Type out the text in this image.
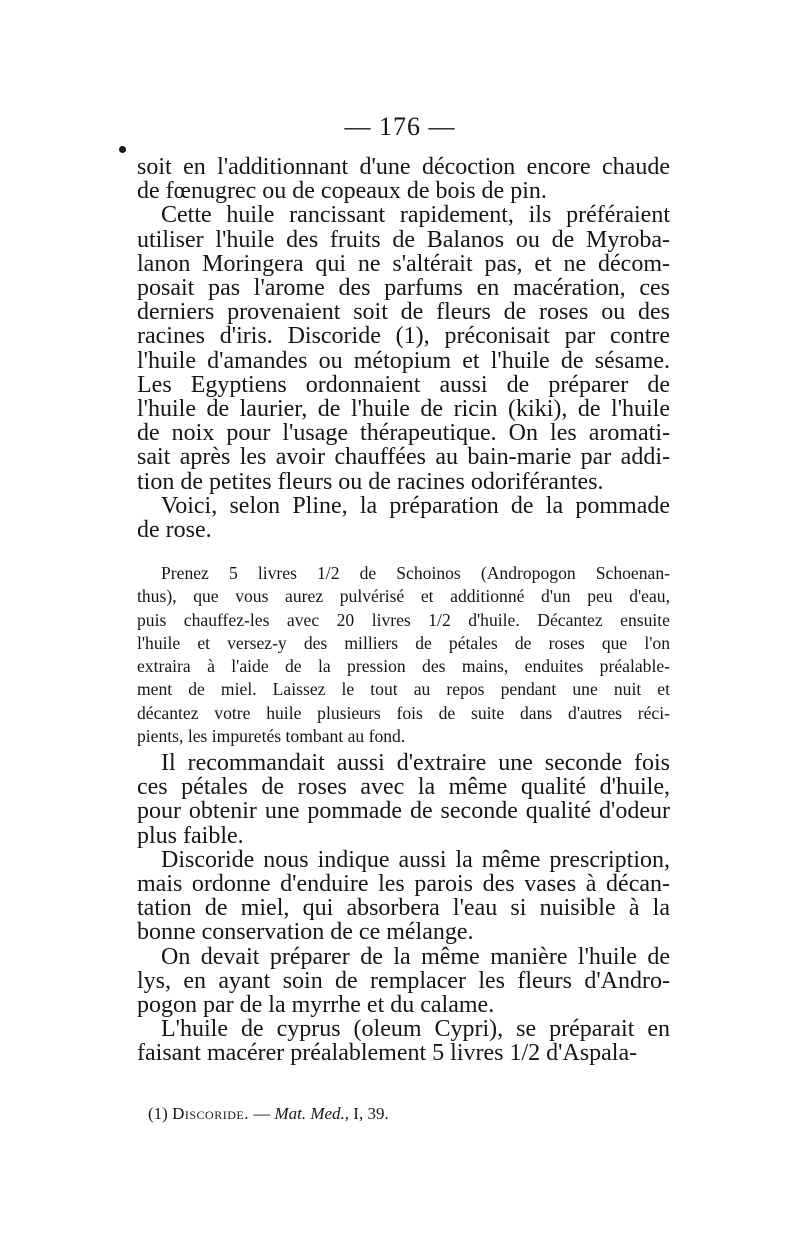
— 176 —

soit en l'additionnant d'une décoction encore chaude

de fœnugrec ou de copeaux de bois de pin.

Cette huile rancissant rapidement, ils préféraient

utiliser l'huile des fruits de Balanos ou de Myroba-

lanon Moringera qui ne s'altérait pas, et ne décom-

posait pas l'arome des parfums en macération, ces

derniers provenaient soit de fleurs de roses ou des

racines d'iris. Discoride (1), préconisait par contre

l'huile d'amandes ou métopium et l'huile de sésame.

Les Egyptiens ordonnaient aussi de préparer de

l'huile de laurier, de l'huile de ricin (kiki), de l'huile

de noix pour l'usage thérapeutique. On les aromati-

sait après les avoir chauffées au bain-marie par addi-

tion de petites fleurs ou de racines odoriférantes.

Voici, selon Pline, la préparation de la pommade

de rose.

Prenez 5 livres 1/2 de Schoinos (Andropogon Schoenan-

thus), que vous aurez pulvérisé et additionné d'un peu d'eau,

puis chauffez-les avec 20 livres 1/2 d'huile. Décantez ensuite

l'huile et versez-y des milliers de pétales de roses que l'on

extraira à l'aide de la pression des mains, enduites préalable-

ment de miel. Laissez le tout au repos pendant une nuit et

décantez votre huile plusieurs fois de suite dans d'autres réci-

pients, les impuretés tombant au fond.

Il recommandait aussi d'extraire une seconde fois

ces pétales de roses avec la même qualité d'huile,

pour obtenir une pommade de seconde qualité d'odeur

plus faible.

Discoride nous indique aussi la même prescription,

mais ordonne d'enduire les parois des vases à décan-

tation de miel, qui absorbera l'eau si nuisible à la

bonne conservation de ce mélange.

On devait préparer de la même manière l'huile de

lys, en ayant soin de remplacer les fleurs d'Andro-

pogon par de la myrrhe et du calame.

L'huile de cyprus (oleum Cypri), se préparait en

faisant macérer préalablement 5 livres 1/2 d'Aspala-

(1) Discoride. — Mat. Med., I, 39.
